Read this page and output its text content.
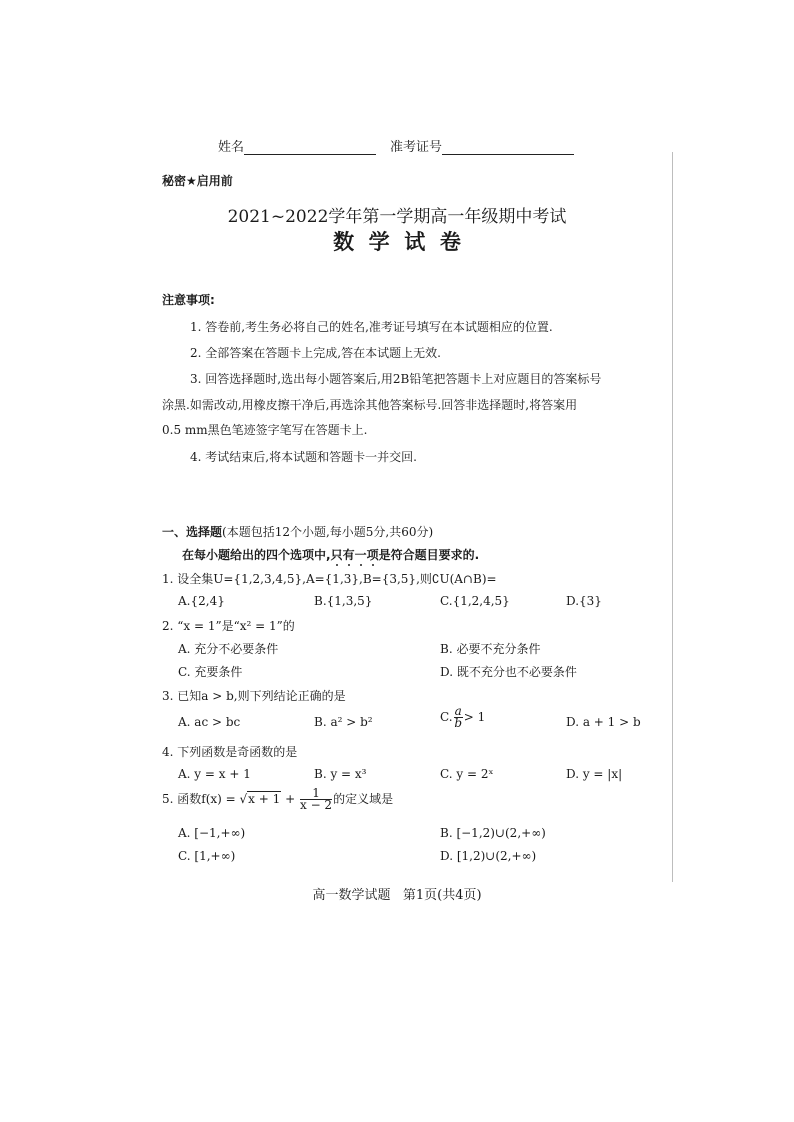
姓名	准考证号
秘密★启用前
2021~2022学年第一学期高一年级期中考试
数  学  试  卷
注意事项:
1. 答卷前,考生务必将自己的姓名,准考证号填写在本试题相应的位置.
2. 全部答案在答题卡上完成,答在本试题上无效.
3. 回答选择题时,选出每小题答案后,用2B铅笔把答题卡上对应题目的答案标号
涂黑.如需改动,用橡皮擦干净后,再选涂其他答案标号.回答非选择题时,将答案用
0.5 mm黑色笔迹签字笔写在答题卡上.
4. 考试结束后,将本试题和答题卡一并交回.
一、选择题(本题包括12个小题,每小题5分,共60分)
在每小题给出的四个选项中,只有一项是符合题目要求的.
1. 设全集U={1,2,3,4,5},A={1,3},B={3,5},则∁U(A∩B)=
A.{2,4}	B.{1,3,5}	C.{1,2,4,5}	D.{3}
2. “x = 1”是“x² = 1”的
A. 充分不必要条件	B. 必要不充分条件
C. 充要条件	D. 既不充分也不必要条件
3. 已知a > b,则下列结论正确的是
A. ac > bc	B. a² > b²	C. $\frac{a}{b} > 1$	D. a + 1 > b
4. 下列函数是奇函数的是
A. y = x + 1	B. y = x³	C. y = 2ˣ	D. y = |x|
5. 函数$f(x) = √x + 1 + \frac{1}{x - 2}$ 的定义域是
A. [−1,+∞)	B. [−1,2)∪(2,+∞)
C. [1,+∞)	D. [1,2)∪(2,+∞)
高一数学试题   第1页(共4页)
